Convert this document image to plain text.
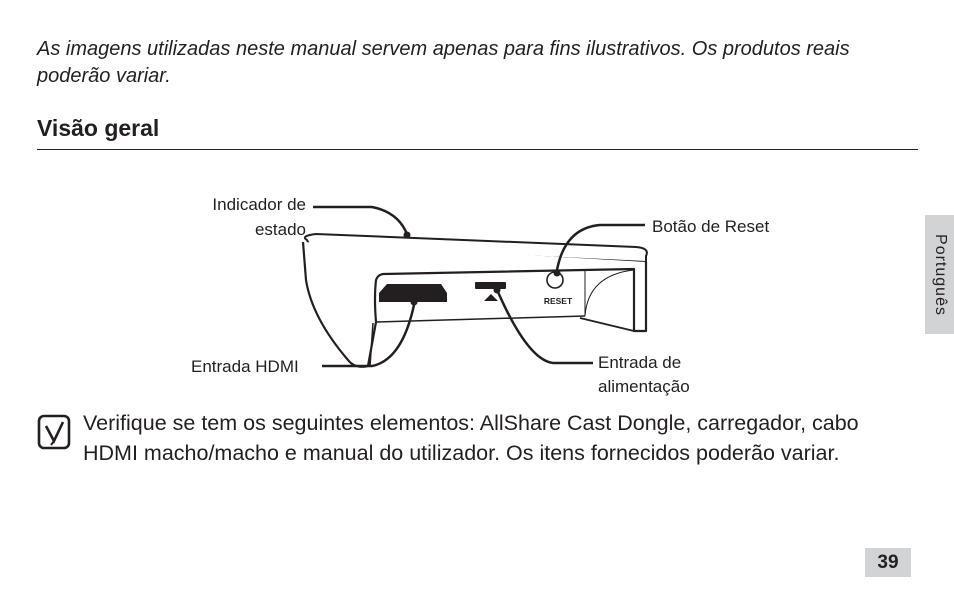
As imagens utilizadas neste manual servem apenas para fins ilustrativos. Os produtos reais poderão variar.

Visão geral
RESET
Indicador de
estado	Botão de Reset
Entrada HDMI	Entrada de
alimentação

Verifique se tem os seguintes elementos: AllShare Cast Dongle, carregador, cabo HDMI macho/macho e manual do utilizador. Os itens fornecidos poderão variar.

Português
39
